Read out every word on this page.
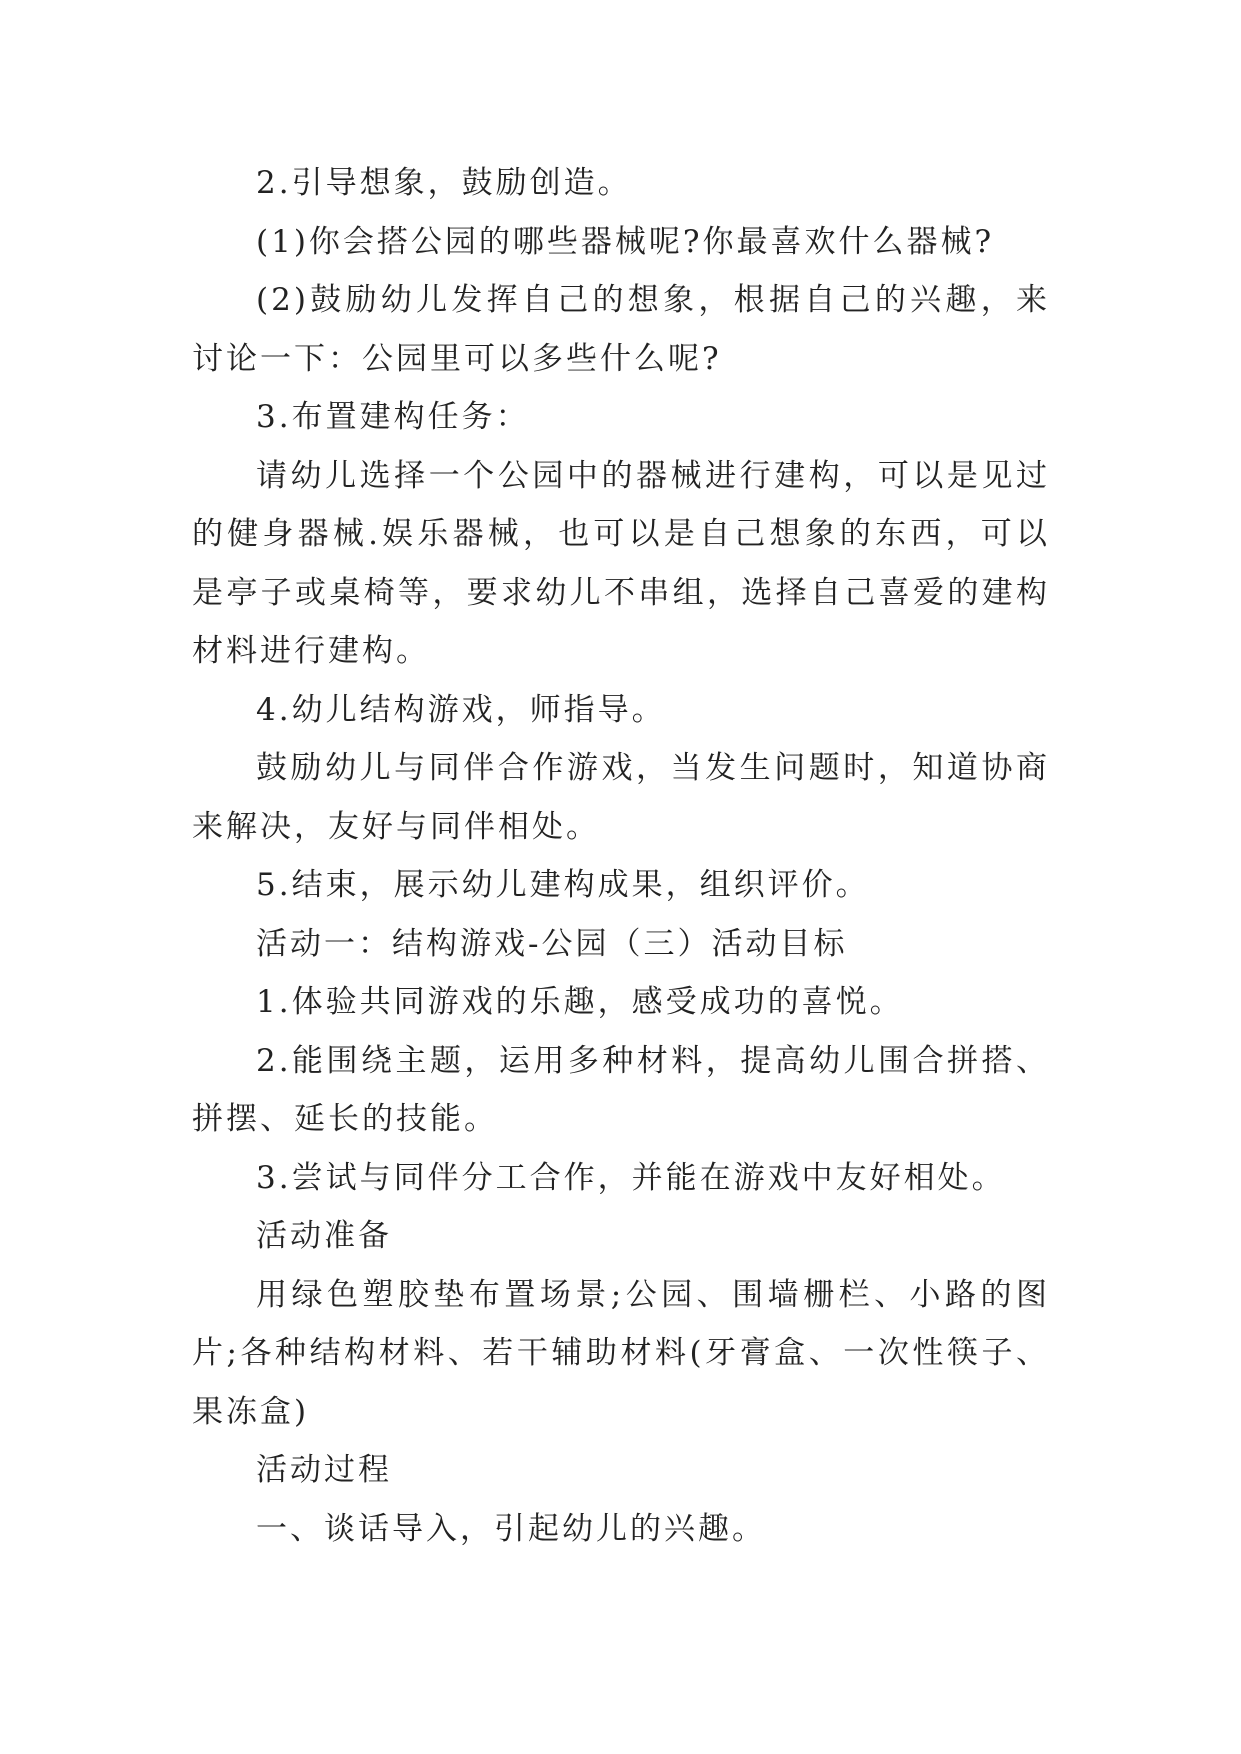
2.引导想象，鼓励创造。

(1)你会搭公园的哪些器械呢?你最喜欢什么器械?

(2)鼓励幼儿发挥自己的想象，根据自己的兴趣，来讨论一下：公园里可以多些什么呢?

3.布置建构任务：

请幼儿选择一个公园中的器械进行建构，可以是见过的健身器械.娱乐器械，也可以是自己想象的东西，可以是亭子或桌椅等，要求幼儿不串组，选择自己喜爱的建构材料进行建构。

4.幼儿结构游戏，师指导。

鼓励幼儿与同伴合作游戏，当发生问题时，知道协商来解决，友好与同伴相处。

5.结束，展示幼儿建构成果，组织评价。

活动一：结构游戏-公园（三）活动目标

1.体验共同游戏的乐趣，感受成功的喜悦。

2.能围绕主题，运用多种材料，提高幼儿围合拼搭、拼摆、延长的技能。

3.尝试与同伴分工合作，并能在游戏中友好相处。

活动准备

用绿色塑胶垫布置场景;公园、围墙栅栏、小路的图片;各种结构材料、若干辅助材料(牙膏盒、一次性筷子、果冻盒)

活动过程

一、谈话导入，引起幼儿的兴趣。
